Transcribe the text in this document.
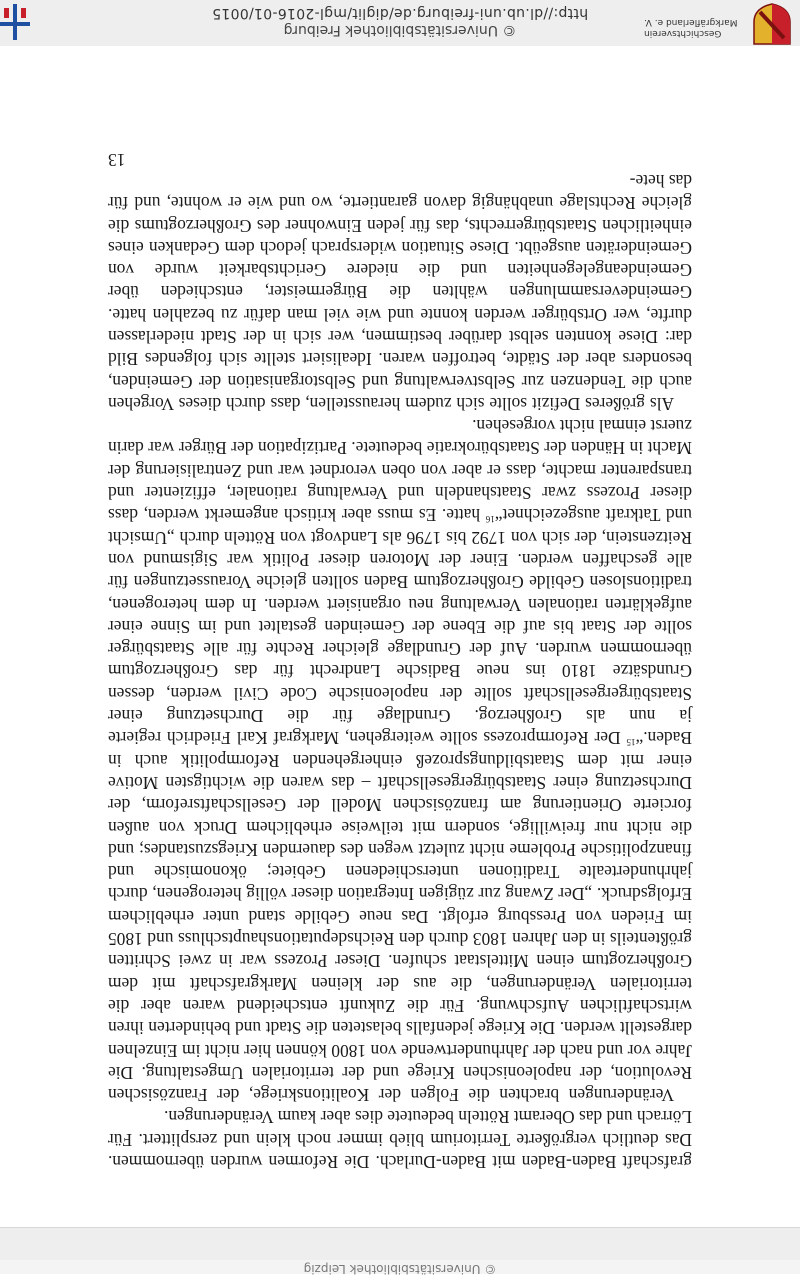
© Universitätsbibliothek Leipzig

grafschaft Baden-Baden mit Baden-Durlach. Die Reformen wurden übernommen. Das deutlich vergrößerte Territorium blieb immer noch klein und zersplittert. Für Lörrach und das Oberamt Rötteln bedeutete dies aber kaum Veränderungen.

Veränderungen brachten die Folgen der Koalitionskriege, der Französischen Revolution, der napoleonischen Kriege und der territorialen Umgestaltung. Die Jahre vor und nach der Jahrhundertwende von 1800 können hier nicht im Einzelnen dargestellt werden. Die Kriege jedenfalls belasteten die Stadt und behinderten ihren wirtschaftlichen Aufschwung. Für die Zukunft entscheidend waren aber die territorialen Veränderungen, die aus der kleinen Markgrafschaft mit dem Großherzogtum einen Mittelstaat schufen. Dieser Prozess war in zwei Schritten größtenteils in den Jahren 1803 durch den Reichsdeputationshauptschluss und 1805 im Frieden von Pressburg erfolgt. Das neue Gebilde stand unter erheblichem Erfolgsdruck. „Der Zwang zur zügigen Integration dieser völlig heterogenen, durch jahrhundertealte Traditionen unterschiedenen Gebiete; ökonomische und finanzpolitische Probleme nicht zuletzt wegen des dauernden Kriegszustandes; und die nicht nur freiwillige, sondern mit teilweise erheblichem Druck von außen forcierte Orientierung am französischen Modell der Gesellschaftsreform, der Durchsetzung einer Staatsbürgergesellschaft – das waren die wichtigsten Motive einer mit dem Staatsbildungsprozeß einhergehenden Reformpolitik auch in Baden.“$^{15}$ Der Reformprozess sollte weitergehen, Markgraf Karl Friedrich regierte ja nun als Großherzog. Grundlage für die Durchsetzung einer Staatsbürgergesellschaft sollte der napoleonische Code Civil werden, dessen Grundsätze 1810 ins neue Badische Landrecht für das Großherzogtum übernommen wurden. Auf der Grundlage gleicher Rechte für alle Staatsbürger sollte der Staat bis auf die Ebene der Gemeinden gestaltet und im Sinne einer aufgeklärten rationalen Verwaltung neu organisiert werden. In dem heterogenen, traditionslosen Gebilde Großherzogtum Baden sollten gleiche Voraussetzungen für alle geschaffen werden. Einer der Motoren dieser Politik war Sigismund von Reitzenstein, der sich von 1792 bis 1796 als Landvogt von Rötteln durch „Umsicht und Tatkraft ausgezeichnet“$^{16}$ hatte. Es muss aber kritisch angemerkt werden, dass dieser Prozess zwar Staatshandeln und Verwaltung rationaler, effizienter und transparenter machte, dass er aber von oben verordnet war und Zentralisierung der Macht in Händen der Staatsbürokratie bedeutete. Partizipation der Bürger war darin zuerst einmal nicht vorgesehen.

Als größeres Defizit sollte sich zudem herausstellen, dass durch dieses Vorgehen auch die Tendenzen zur Selbstverwaltung und Selbstorganisation der Gemeinden, besonders aber der Städte, betroffen waren. Idealisiert stellte sich folgendes Bild dar: Diese konnten selbst darüber bestimmen, wer sich in der Stadt niederlassen durfte, wer Ortsbürger werden konnte und wie viel man dafür zu bezahlen hatte. Gemeindeversammlungen wählten die Bürgermeister, entschieden über Gemeindeangelegenheiten und die niedere Gerichtsbarkeit wurde von Gemeinderäten ausgeübt. Diese Situation widersprach jedoch dem Gedanken eines einheitlichen Staatsbürgerrechts, das für jeden Einwohner des Großherzogtums die gleiche Rechtslage unabhängig davon garantierte, wo und wie er wohnte, und für das hete-

13
© Universitätsbibliothek Freiburg
http://dl.ub.uni-freiburg.de/diglit/mgl-2016-01/0015
Geschichtsverein Markgräflerland e. V.
